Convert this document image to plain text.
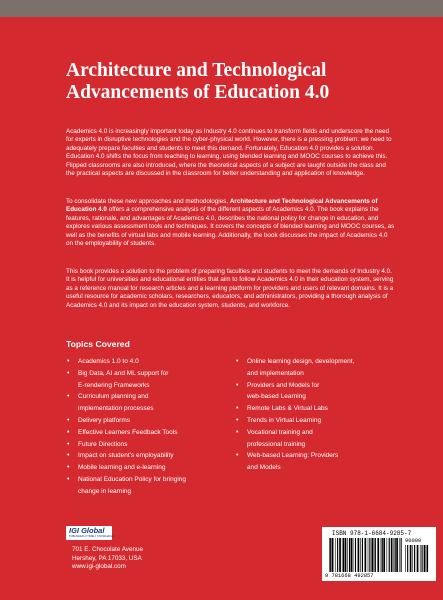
Architecture and Technological Advancements of Education 4.0

Academics 4.0 is increasingly important today as Industry 4.0 continues to transform fields and underscore the need for experts in disruptive technologies and the cyber-physical world. However, there is a pressing problem: we need to adequately prepare faculties and students to meet this demand. Fortunately, Education 4.0 provides a solution. Education 4.0 shifts the focus from teaching to learning, using blended learning and MOOC courses to achieve this. Flipped classrooms are also introduced, where the theoretical aspects of a subject are taught outside the class and the practical aspects are discussed in the classroom for better understanding and application of knowledge.

To consolidate these new approaches and methodologies, Architecture and Technological Advancements of Education 4.0 offers a comprehensive analysis of the different aspects of Academics 4.0. The book explains the features, rationale, and advantages of Academics 4.0, describes the national policy for change in education, and explores various assessment tools and techniques. It covers the concepts of blended learning and MOOC courses, as well as the benefits of virtual labs and mobile learning. Additionally, the book discusses the impact of Academics 4.0 on the employability of students.

This book provides a solution to the problem of preparing faculties and students to meet the demands of Industry 4.0. It is helpful for universities and educational entities that aim to follow Academics 4.0 in their education system, serving as a reference manual for research articles and a learning platform for providers and users of relevant domains. It is a useful resource for academic scholars, researchers, educators, and administrators, providing a thorough analysis of Academics 4.0 and its impact on the education system, students, and workforce.

Topics Covered
• Academics 1.0 to 4.0
• Big Data, AI and ML support for
E-rendering Frameworks
• Curriculum planning and
implementation processes
• Delivery platforms
• Effective Learners Feedback Tools
• Future Directions
• Impact on student's employability
• Mobile learning and e-learning
• National Education Policy for bringing
change in learning
• Online learning design, development,
and implementation
• Providers and Models for
web-based Learning
• Remote Labs & Virtual Labs
• Trends in Virtual Learning
• Vocational training and
professional training
• Web-based Learning: Providers
and Models
IGI Global
PUBLISHER of TIMELY KNOWLEDGE

701 E. Chocolate Avenue
Hershey, PA 17033, USA
www.igi-global.com

ISBN 978-1-6684-9285-7
90000
9 781668 492857
